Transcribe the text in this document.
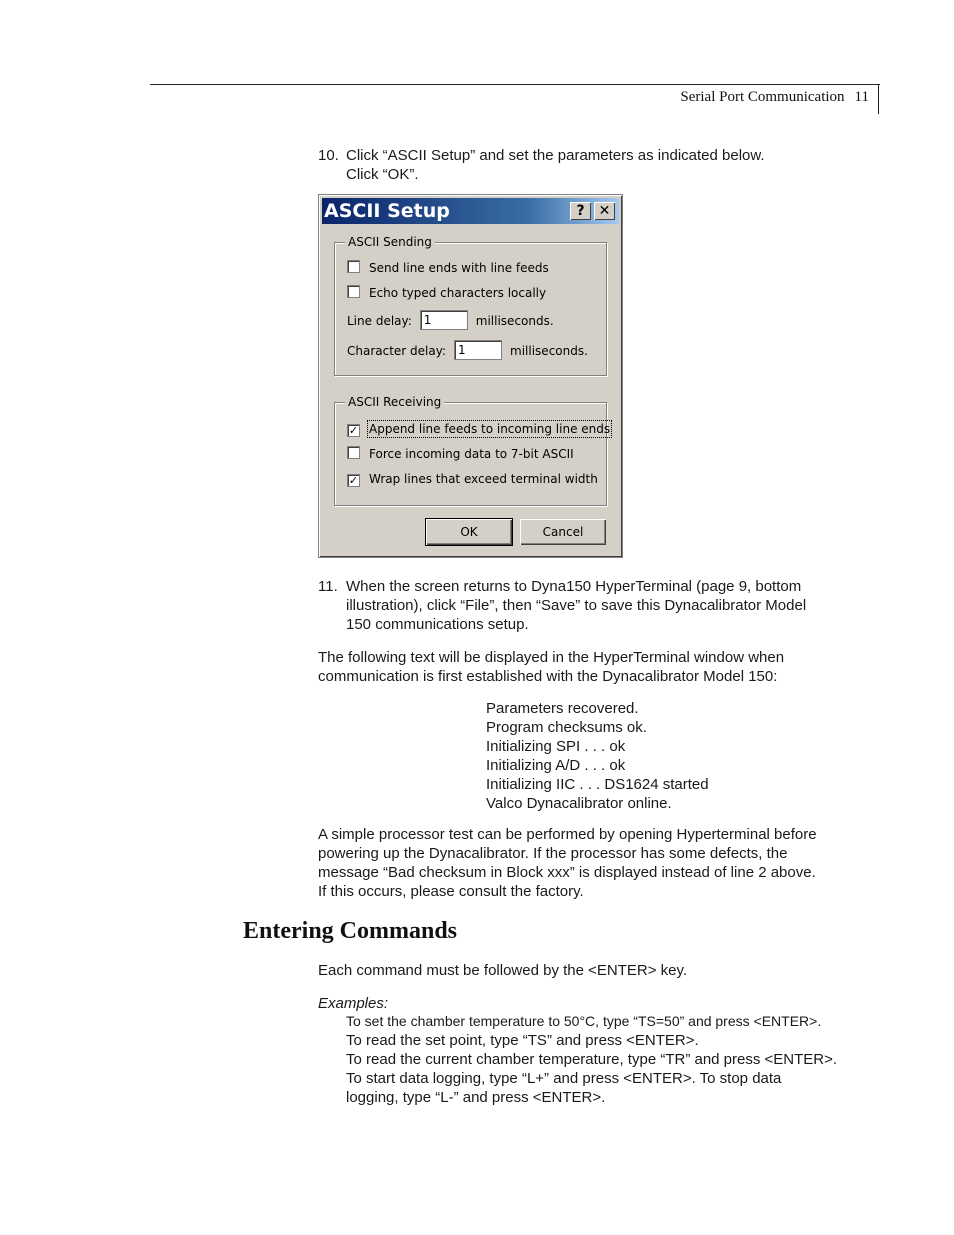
Serial Port Communication 11
10. Click “ASCII Setup” and set the parameters as indicated below.
Click “OK”.
ASCII Setup	?	✕
ASCII Sending
Send line ends with line feeds
Echo typed characters locally
Line delay: 1	milliseconds.
Character delay: 1	milliseconds.
ASCII Receiving
✓ Append line feeds to incoming line ends
Force incoming data to 7-bit ASCII
✓ Wrap lines that exceed terminal width
OK	Cancel
11. When the screen returns to Dyna150 HyperTerminal (page 9, bottom
illustration), click “File”, then “Save” to save this Dynacalibrator Model
150 communications setup.
The following text will be displayed in the HyperTerminal window when
communication is first established with the Dynacalibrator Model 150:
Parameters recovered.
Program checksums ok.
Initializing SPI . . . ok
Initializing A/D . . . ok
Initializing IIC . . . DS1624 started
Valco Dynacalibrator online.
A simple processor test can be performed by opening Hyperterminal before
powering up the Dynacalibrator. If the processor has some defects, the
message “Bad checksum in Block xxx” is displayed instead of line 2 above.
If this occurs, please consult the factory.
Entering Commands
Each command must be followed by the <ENTER> key.
Examples:
To set the chamber temperature to 50°C, type “TS=50” and press <ENTER>.
To read the set point, type “TS” and press <ENTER>.
To read the current chamber temperature, type “TR” and press <ENTER>.
To start data logging, type “L+” and press <ENTER>. To stop data
logging, type “L-” and press <ENTER>.
